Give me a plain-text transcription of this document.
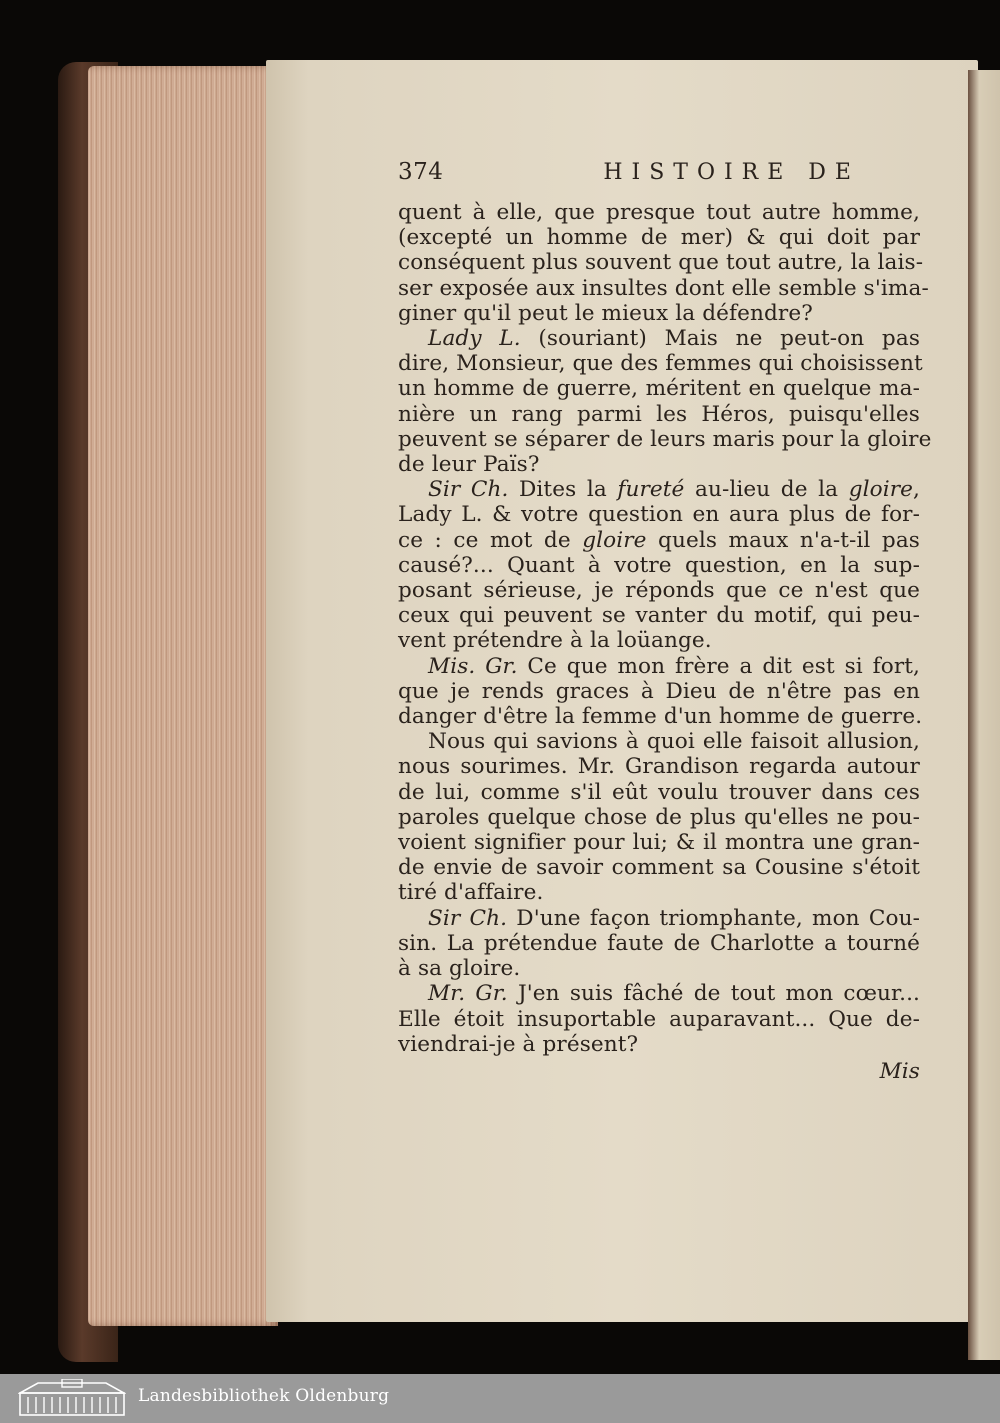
374	HISTOIRE DE
quent à elle, que presque tout autre homme,
(excepté un homme de mer) & qui doit par
conséquent plus souvent que tout autre, la lais-
ser exposée aux insultes dont elle semble s'ima-
giner qu'il peut le mieux la défendre?
Lady L. (souriant) Mais ne peut-on pas
dire, Monsieur, que des femmes qui choisissent
un homme de guerre, méritent en quelque ma-
nière un rang parmi les Héros, puisqu'elles
peuvent se séparer de leurs maris pour la gloire
de leur Païs?
Sir Ch. Dites la fureté au-lieu de la gloire,
Lady L. & votre question en aura plus de for-
ce : ce mot de gloire quels maux n'a-t-il pas
causé?... Quant à votre question, en la sup-
posant sérieuse, je réponds que ce n'est que
ceux qui peuvent se vanter du motif, qui peu-
vent prétendre à la loüange.
Mis. Gr. Ce que mon frère a dit est si fort,
que je rends graces à Dieu de n'être pas en
danger d'être la femme d'un homme de guerre.
Nous qui savions à quoi elle faisoit allusion,
nous sourimes. Mr. Grandison regarda autour
de lui, comme s'il eût voulu trouver dans ces
paroles quelque chose de plus qu'elles ne pou-
voient signifier pour lui; & il montra une gran-
de envie de savoir comment sa Cousine s'étoit
tiré d'affaire.
Sir Ch. D'une façon triomphante, mon Cou-
sin. La prétendue faute de Charlotte a tourné
à sa gloire.
Mr. Gr. J'en suis fâché de tout mon cœur...
Elle étoit insuportable auparavant... Que de-
viendrai-je à présent?
Mis
Landesbibliothek Oldenburg
